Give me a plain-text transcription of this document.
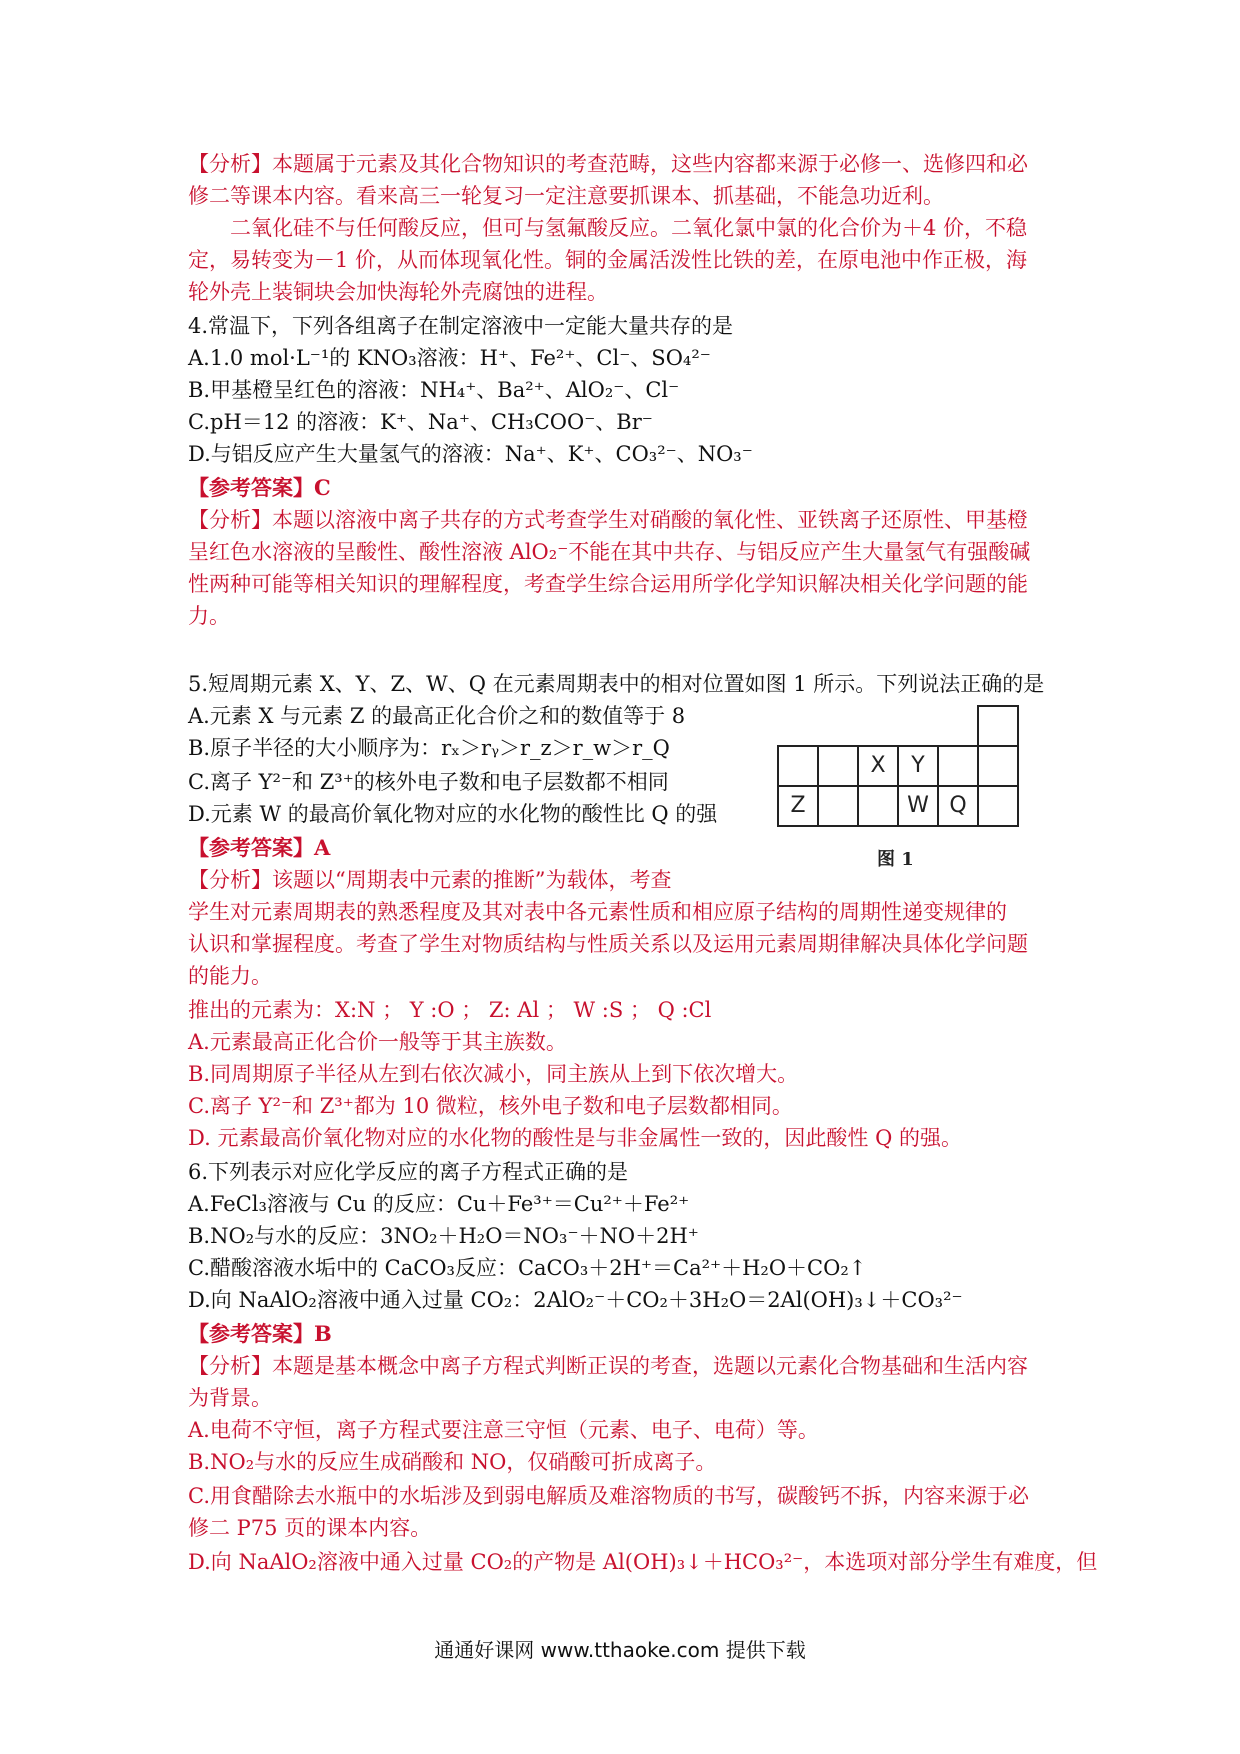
【分析】本题属于元素及其化合物知识的考查范畴，这些内容都来源于必修一、选修四和必
修二等课本内容。看来高三一轮复习一定注意要抓课本、抓基础，不能急功近利。
二氧化硅不与任何酸反应，但可与氢氟酸反应。二氧化氯中氯的化合价为＋4 价，不稳
定，易转变为－1 价，从而体现氧化性。铜的金属活泼性比铁的差，在原电池中作正极，海
轮外壳上装铜块会加快海轮外壳腐蚀的进程。
4.常温下，下列各组离子在制定溶液中一定能大量共存的是
A.1.0 mol·L⁻¹的 KNO₃溶液：H⁺、Fe²⁺、Cl⁻、SO₄²⁻
B.甲基橙呈红色的溶液：NH₄⁺、Ba²⁺、AlO₂⁻、Cl⁻
C.pH＝12 的溶液：K⁺、Na⁺、CH₃COO⁻、Br⁻
D.与铝反应产生大量氢气的溶液：Na⁺、K⁺、CO₃²⁻、NO₃⁻
【参考答案】C
【分析】本题以溶液中离子共存的方式考查学生对硝酸的氧化性、亚铁离子还原性、甲基橙
呈红色水溶液的呈酸性、酸性溶液 AlO₂⁻不能在其中共存、与铝反应产生大量氢气有强酸碱
性两种可能等相关知识的理解程度，考查学生综合运用所学化学知识解决相关化学问题的能
力。
5.短周期元素 X、Y、Z、W、Q 在元素周期表中的相对位置如图 1 所示。下列说法正确的是
A.元素 X 与元素 Z 的最高正化合价之和的数值等于 8
B.原子半径的大小顺序为：rₓ＞rᵧ＞r_z＞r_w＞r_Q
C.离子 Y²⁻和 Z³⁺的核外电子数和电子层数都不相同
D.元素 W 的最高价氧化物对应的水化物的酸性比 Q 的强
【参考答案】A
【分析】该题以“周期表中元素的推断”为载体，考查
学生对元素周期表的熟悉程度及其对表中各元素性质和相应原子结构的周期性递变规律的
认识和掌握程度。考查了学生对物质结构与性质关系以及运用元素周期律解决具体化学问题
的能力。
推出的元素为：X:N ； Y :O ； Z: Al ； W :S ； Q :Cl
A.元素最高正化合价一般等于其主族数。
B.同周期原子半径从左到右依次减小，同主族从上到下依次增大。
C.离子 Y²⁻和 Z³⁺都为 10 微粒，核外电子数和电子层数都相同。
D. 元素最高价氧化物对应的水化物的酸性是与非金属性一致的，因此酸性 Q 的强。
6.下列表示对应化学反应的离子方程式正确的是
A.FeCl₃溶液与 Cu 的反应：Cu＋Fe³⁺＝Cu²⁺＋Fe²⁺
B.NO₂与水的反应：3NO₂＋H₂O＝NO₃⁻＋NO＋2H⁺
C.醋酸溶液水垢中的 CaCO₃反应：CaCO₃＋2H⁺＝Ca²⁺＋H₂O＋CO₂↑
D.向 NaAlO₂溶液中通入过量 CO₂：2AlO₂⁻＋CO₂＋3H₂O＝2Al(OH)₃↓＋CO₃²⁻
【参考答案】B
【分析】本题是基本概念中离子方程式判断正误的考查，选题以元素化合物基础和生活内容
为背景。
A.电荷不守恒，离子方程式要注意三守恒（元素、电子、电荷）等。
B.NO₂与水的反应生成硝酸和 NO，仅硝酸可折成离子。
C.用食醋除去水瓶中的水垢涉及到弱电解质及难溶物质的书写，碳酸钙不拆，内容来源于必
修二 P75 页的课本内容。
D.向 NaAlO₂溶液中通入过量 CO₂的产物是 Al(OH)₃↓＋HCO₃²⁻，本选项对部分学生有难度，但
X	Y
Z	W Q
图 1
通通好课网 www.tthaoke.com 提供下载
